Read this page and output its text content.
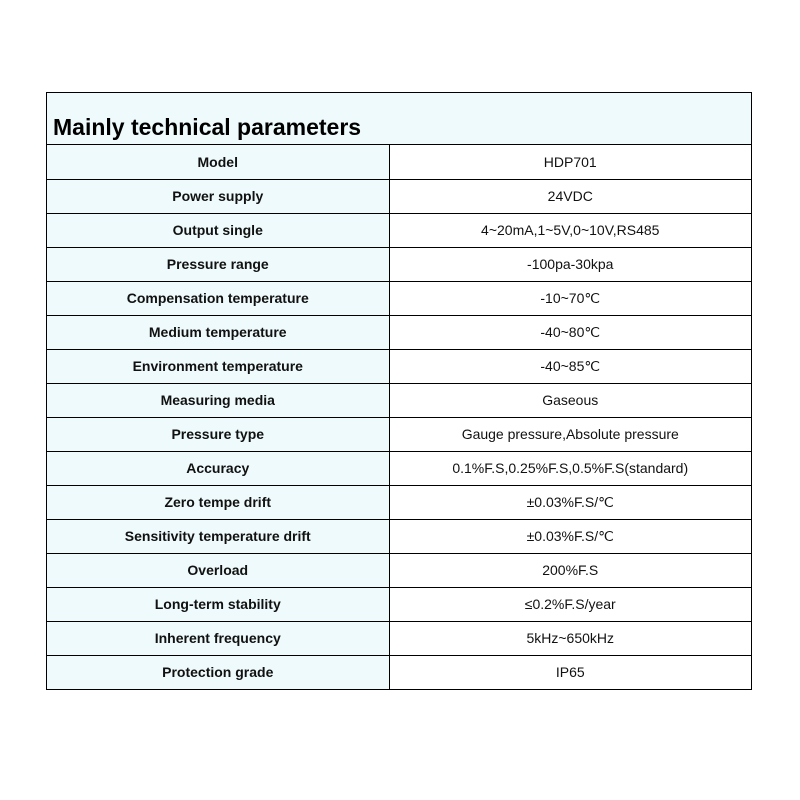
Mainly technical parameters
Model	HDP701
Power supply	24VDC
Output single	4~20mA,1~5V,0~10V,RS485
Pressure range	-100pa-30kpa
Compensation temperature	-10~70℃
Medium temperature	-40~80℃
Environment temperature	-40~85℃
Measuring media	Gaseous
Pressure type	Gauge pressure,Absolute pressure
Accuracy	0.1%F.S,0.25%F.S,0.5%F.S(standard)
Zero tempe drift	±0.03%F.S/℃
Sensitivity temperature drift	±0.03%F.S/℃
Overload	200%F.S
Long-term stability	≤0.2%F.S/year
Inherent frequency	5kHz~650kHz
Protection grade	IP65
